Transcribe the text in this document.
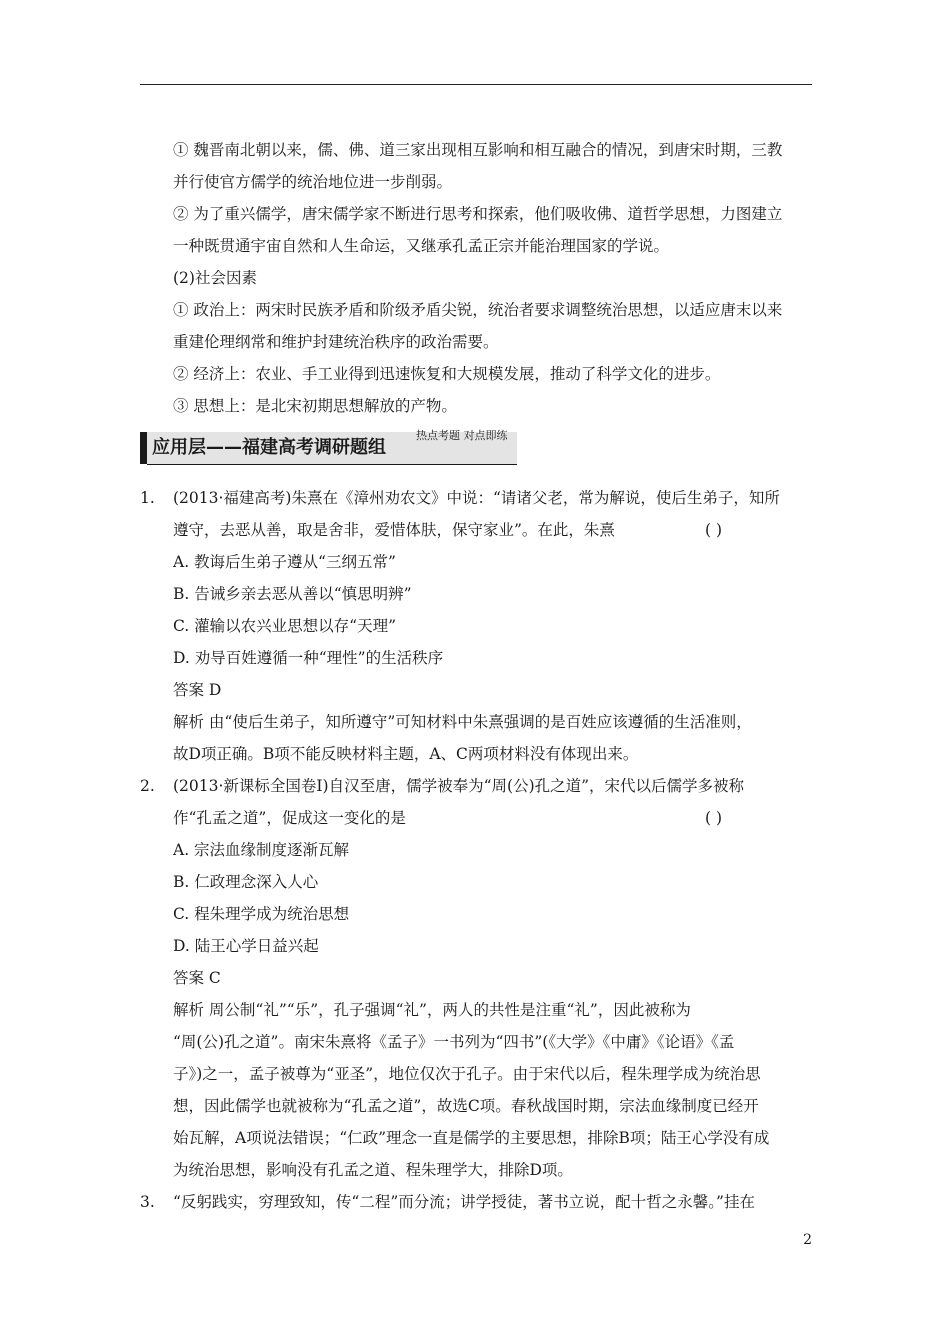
① 魏晋南北朝以来，儒、佛、道三家出现相互影响和相互融合的情况，到唐宋时期，三教
并行使官方儒学的统治地位进一步削弱。

② 为了重兴儒学，唐宋儒学家不断进行思考和探索，他们吸收佛、道哲学思想，力图建立
一种既贯通宇宙自然和人生命运，又继承孔孟正宗并能治理国家的学说。

(2)社会因素

① 政治上：两宋时民族矛盾和阶级矛盾尖锐，统治者要求调整统治思想，以适应唐末以来
重建伦理纲常和维护封建统治秩序的政治需要。

② 经济上：农业、手工业得到迅速恢复和大规模发展，推动了科学文化的进步。

③ 思想上：是北宋初期思想解放的产物。

应用层——福建高考调研题组
热点考题 对点即练
1.	(2013·福建高考)朱熹在《漳州劝农文》中说：“请诸父老，常为解说，使后生弟子，知所
遵守，去恶从善，取是舍非，爱惜体肤，保守家业”。在此，朱熹	( )
A. 教诲后生弟子遵从“三纲五常”
B. 告诫乡亲去恶从善以“慎思明辨”
C. 灌输以农兴业思想以存“天理”
D. 劝导百姓遵循一种“理性”的生活秩序
答案 D
解析 由“使后生弟子，知所遵守”可知材料中朱熹强调的是百姓应该遵循的生活准则，
故D项正确。B项不能反映材料主题，A、C两项材料没有体现出来。
2.	(2013·新课标全国卷Ⅰ)自汉至唐，儒学被奉为“周(公)孔之道”，宋代以后儒学多被称
作“孔孟之道”，促成这一变化的是	( )
A. 宗法血缘制度逐渐瓦解
B. 仁政理念深入人心
C. 程朱理学成为统治思想
D. 陆王心学日益兴起
答案 C
解析 周公制“礼”“乐”，孔子强调“礼”，两人的共性是注重“礼”，因此被称为
“周(公)孔之道”。南宋朱熹将《孟子》一书列为“四书”(《大学》《中庸》《论语》《孟
子》)之一，孟子被尊为“亚圣”，地位仅次于孔子。由于宋代以后，程朱理学成为统治思
想，因此儒学也就被称为“孔孟之道”，故选C项。春秋战国时期，宗法血缘制度已经开
始瓦解，A项说法错误；“仁政”理念一直是儒学的主要思想，排除B项；陆王心学没有成
为统治思想，影响没有孔孟之道、程朱理学大，排除D项。
3.	“反躬践实，穷理致知，传“二程”而分流；讲学授徒，著书立说，配十哲之永馨。”挂在
2
